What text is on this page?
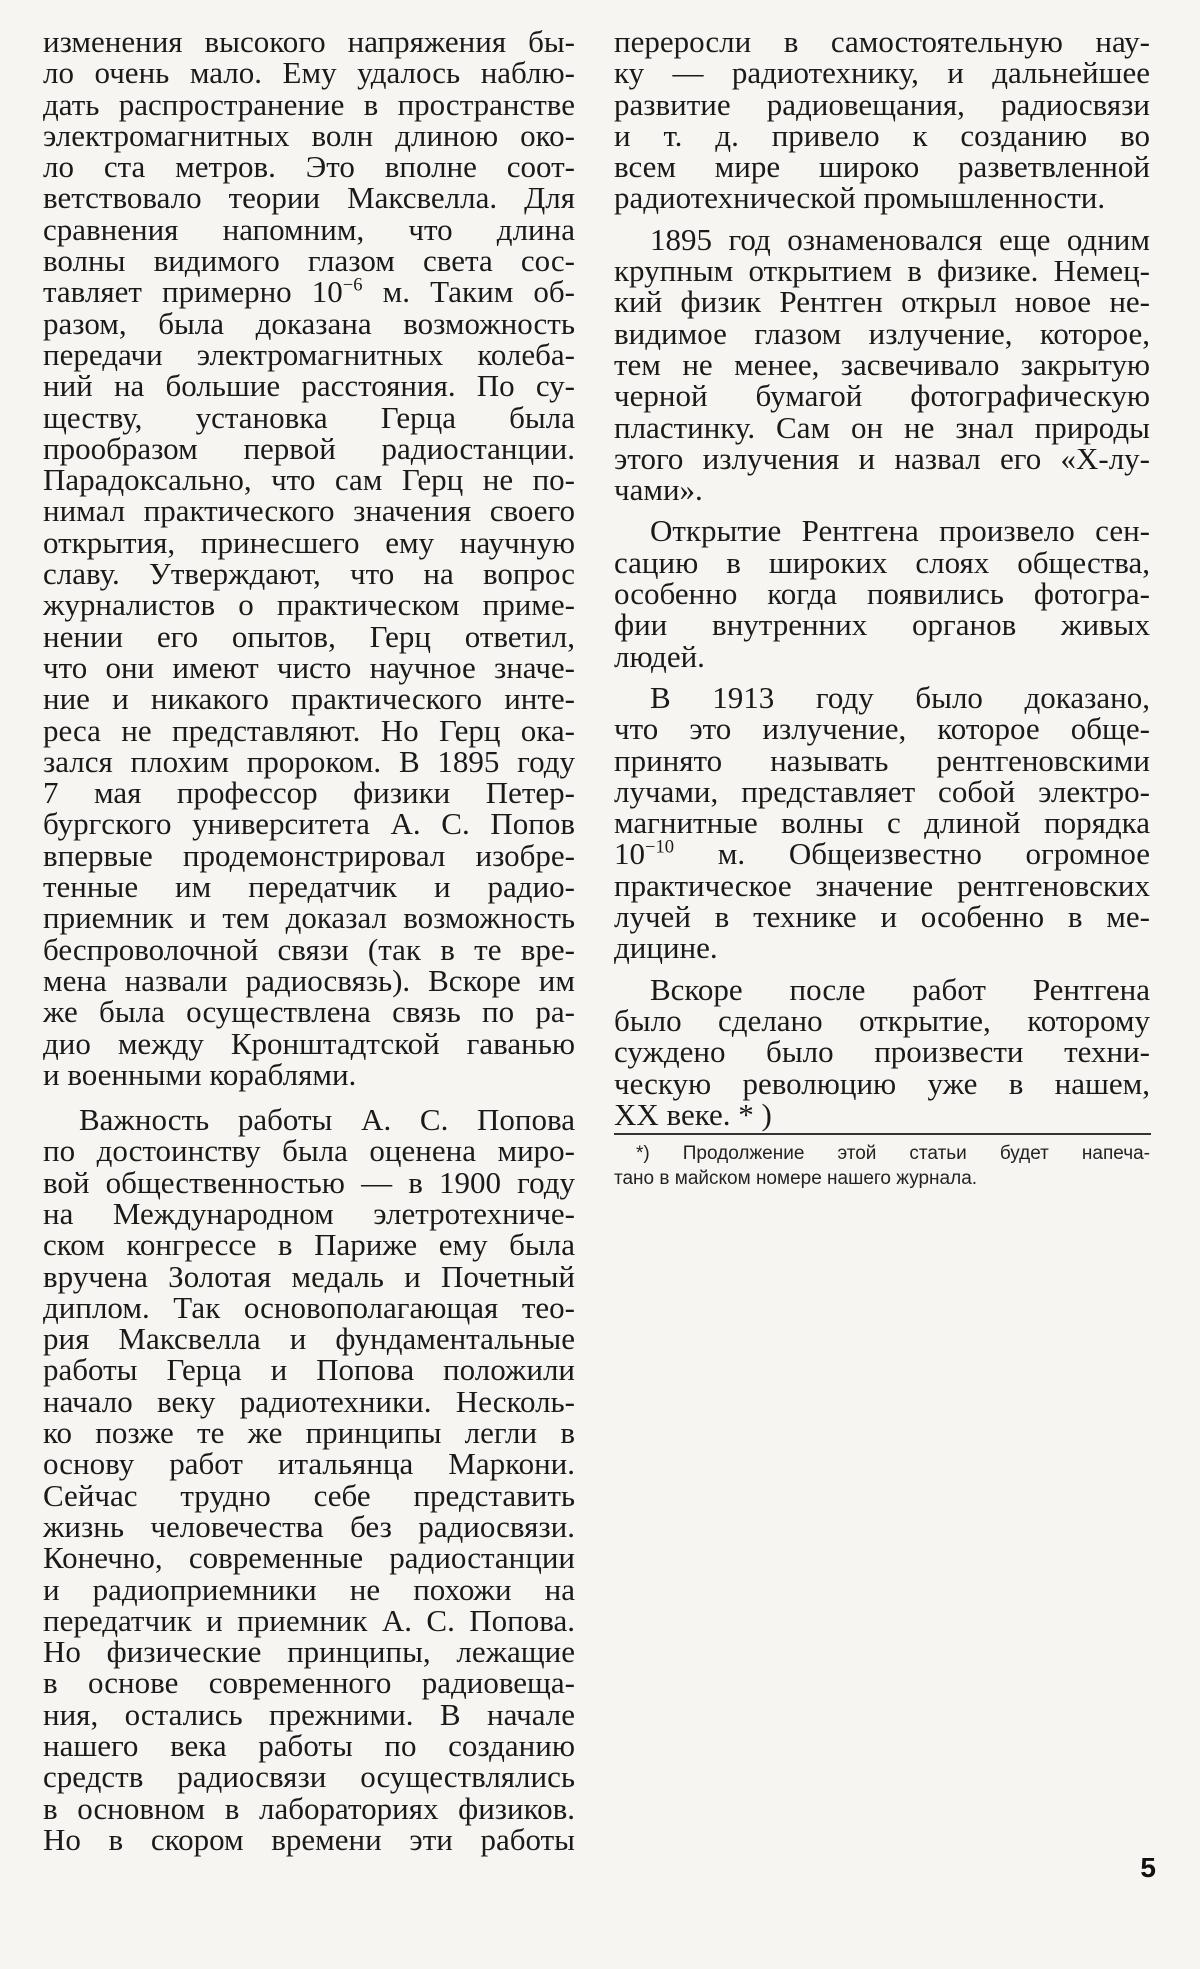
изменения высокого напряжения бы-
ло очень мало. Ему удалось наблю-
дать распространение в пространстве
электромагнитных волн длиною око-
ло ста метров. Это вполне соот-
ветствовало теории Максвелла. Для
сравнения напомним, что длина
волны видимого глазом света сос-
тавляет примерно $10^{-6}$ м. Таким об-
разом, была доказана возможность
передачи электромагнитных колеба-
ний на большие расстояния. По су-
ществу, установка Герца была
прообразом первой радиостанции.
Парадоксально, что сам Герц не по-
нимал практического значения своего
открытия, принесшего ему научную
славу. Утверждают, что на вопрос
журналистов о практическом приме-
нении его опытов, Герц ответил,
что они имеют чисто научное значе-
ние и никакого практического инте-
реса не представляют. Но Герц ока-
зался плохим пророком. В 1895 году
7 мая профессор физики Петер-
бургского университета А. С. Попов
впервые продемонстрировал изобре-
тенные им передатчик и радио-
приемник и тем доказал возможность
беспроволочной связи (так в те вре-
мена назвали радиосвязь). Вскоре им
же была осуществлена связь по ра-
дио между Кронштадтской гаванью
и военными кораблями.
Важность работы А. С. Попова
по достоинству была оценена миро-
вой общественностью — в 1900 году
на Международном элетротехниче-
ском конгрессе в Париже ему была
вручена Золотая медаль и Почетный
диплом. Так основополагающая тео-
рия Максвелла и фундаментальные
работы Герца и Попова положили
начало веку радиотехники. Несколь-
ко позже те же принципы легли в
основу работ итальянца Маркони.
Сейчас трудно себе представить
жизнь человечества без радиосвязи.
Конечно, современные радиостанции
и радиоприемники не похожи на
передатчик и приемник А. С. Попова.
Но физические принципы, лежащие
в основе современного радиовеща-
ния, остались прежними. В начале
нашего века работы по созданию
средств радиосвязи осуществлялись
в основном в лабораториях физиков.
Но в скором времени эти работы
переросли в самостоятельную нау-
ку — радиотехнику, и дальнейшее
развитие радиовещания, радиосвязи
и т. д. привело к созданию во
всем мире широко разветвленной
радиотехнической промышленности.
1895 год ознаменовался еще одним
крупным открытием в физике. Немец-
кий физик Рентген открыл новое не-
видимое глазом излучение, которое,
тем не менее, засвечивало закрытую
черной бумагой фотографическую
пластинку. Сам он не знал природы
этого излучения и назвал его «Х-лу-
чами».
Открытие Рентгена произвело сен-
сацию в широких слоях общества,
особенно когда появились фотогра-
фии внутренних органов живых
людей.
В 1913 году было доказано,
что это излучение, которое обще-
принято называть рентгеновскими
лучами, представляет собой электро-
магнитные волны с длиной порядка
$10^{-10}$ м. Общеизвестно огромное
практическое значение рентгеновских
лучей в технике и особенно в ме-
дицине.
Вскоре после работ Рентгена
было сделано открытие, которому
суждено было произвести техни-
ческую революцию уже в нашем,
XX веке. * )
*) Продолжение этой статьи будет напеча-
тано в майском номере нашего журнала.
5
